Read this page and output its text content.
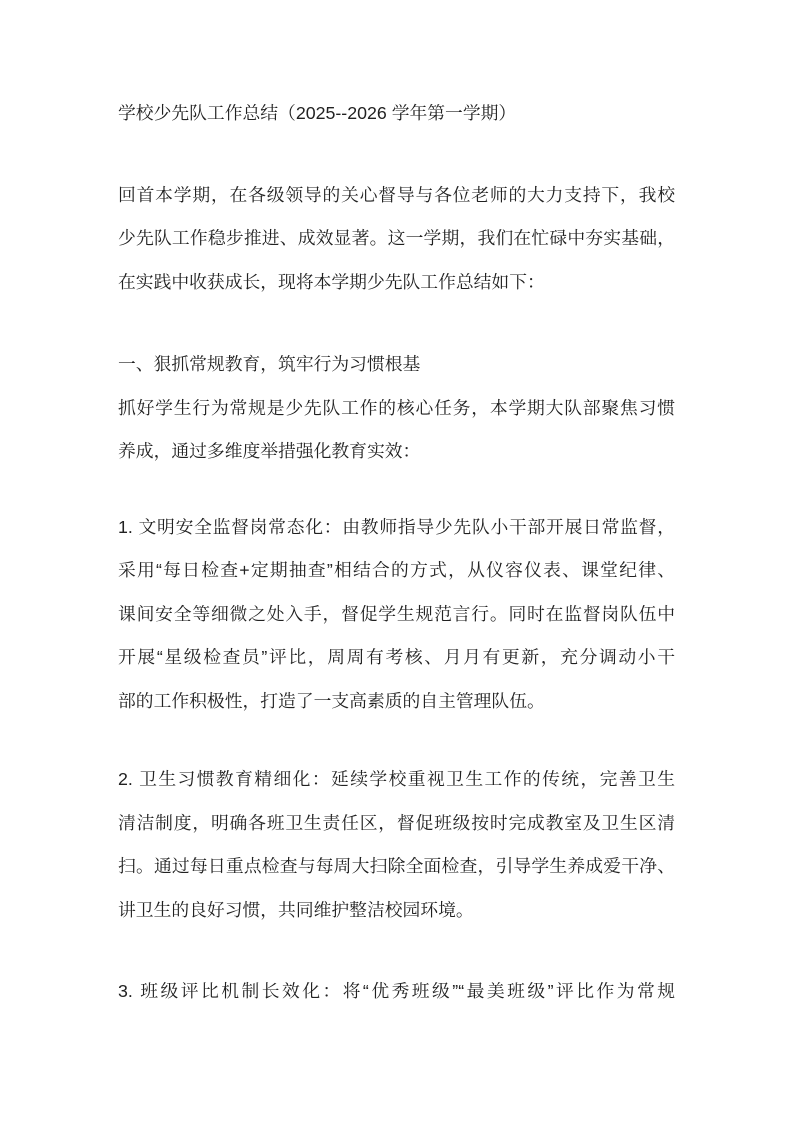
学校少先队工作总结（2025--2026 学年第一学期）
回首本学期，在各级领导的关心督导与各位老师的大力支持下，我校
少先队工作稳步推进、成效显著。这一学期，我们在忙碌中夯实基础，
在实践中收获成长，现将本学期少先队工作总结如下：
一、狠抓常规教育，筑牢行为习惯根基
抓好学生行为常规是少先队工作的核心任务，本学期大队部聚焦习惯
养成，通过多维度举措强化教育实效：
1. 文明安全监督岗常态化：由教师指导少先队小干部开展日常监督，
采用“每日检查+定期抽查”相结合的方式，从仪容仪表、课堂纪律、
课间安全等细微之处入手，督促学生规范言行。同时在监督岗队伍中
开展“星级检查员”评比，周周有考核、月月有更新，充分调动小干
部的工作积极性，打造了一支高素质的自主管理队伍。
2. 卫生习惯教育精细化：延续学校重视卫生工作的传统，完善卫生
清洁制度，明确各班卫生责任区，督促班级按时完成教室及卫生区清
扫。通过每日重点检查与每周大扫除全面检查，引导学生养成爱干净、
讲卫生的良好习惯，共同维护整洁校园环境。
3. 班级评比机制长效化：将“优秀班级”“最美班级”评比作为常规
